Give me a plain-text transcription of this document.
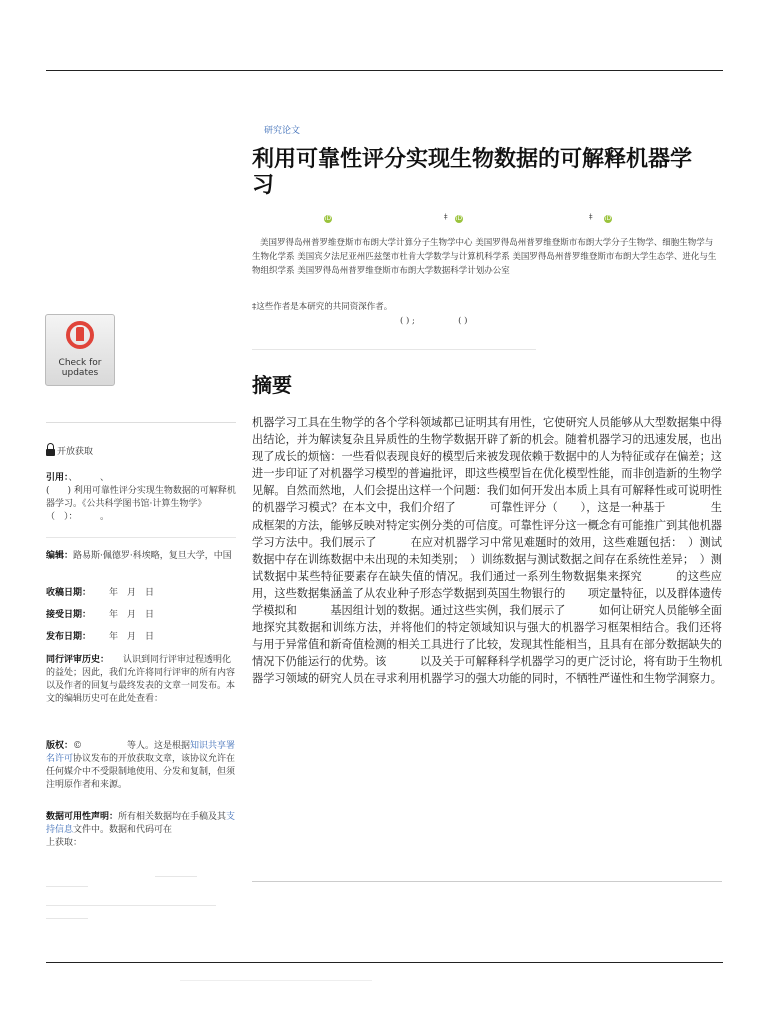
研究论文
利用可靠性评分实现生物数据的可解释机器学习
iD	‡ iD	‡ iD
美国罗得岛州普罗维登斯市布朗大学计算分子生物学中心 美国罗得岛州普罗维登斯市布朗大学分子生物学、细胞生物学与生物化学系 美国宾夕法尼亚州匹兹堡市杜肯大学数学与计算机科学系 美国罗得岛州普罗维登斯市布朗大学生态学、进化与生物组织学系 美国罗得岛州普罗维登斯市布朗大学数据科学计划办公室
‡这些作者是本研究的共同资深作者。
( ) ;                ( )
摘要
机器学习工具在生物学的各个学科领域都已证明其有用性，它使研究人员能够从大型数据集中得出结论，并为解读复杂且异质性的生物学数据开辟了新的机会。随着机器学习的迅速发展，也出现了成长的烦恼：一些看似表现良好的模型后来被发现依赖于数据中的人为特征或存在偏差；这进一步印证了对机器学习模型的普遍批评，即这些模型旨在优化模型性能，而非创造新的生物学见解。自然而然地，人们会提出这样一个问题：我们如何开发出本质上具有可解释性或可说明性的机器学习模式？在本文中，我们介绍了　　　可靠性评分（　　），这是一种基于　　　　生成框架的方法，能够反映对特定实例分类的可信度。可靠性评分这一概念有可能推广到其他机器学习方法中。我们展示了　　　在应对机器学习中常见难题时的效用，这些难题包括：　）测试数据中存在训练数据中未出现的未知类别；　）训练数据与测试数据之间存在系统性差异；　）测试数据中某些特征要素存在缺失值的情况。我们通过一系列生物数据集来探究　　　的这些应用，这些数据集涵盖了从农业种子形态学数据到英国生物银行的　　项定量特征，以及群体遗传学模拟和　　　基因组计划的数据。通过这些实例，我们展示了　　　如何让研究人员能够全面地探究其数据和训练方法，并将他们的特定领域知识与强大的机器学习框架相结合。我们还将　　　与用于异常值和新奇值检测的相关工具进行了比较，发现其性能相当，且具有在部分数据缺失的情况下仍能运行的优势。该　　　以及关于可解释科学机器学习的更广泛讨论，将有助于生物机器学习领域的研究人员在寻求利用机器学习的强大功能的同时，不牺牲严谨性和生物学洞察力。
Check for
updates
开放获取
引用：、　　　、
(　　) 利用可靠性评分实现生物数据的可解释机器学习。《公共科学图书馆·计算生物学》（　）：　　　。
编辑：路易斯·佩德罗·科埃略，复旦大学，中国
收稿日期： 年　月　日
接受日期： 年　月　日
发布日期： 年　月　日
同行评审历史： 认识到同行评审过程透明化的益处；因此，我们允许将同行评审的所有内容以及作者的回复与最终发表的文章一同发布。本文的编辑历史可在此处查看：
版权：©　　　　　等人。这是根据知识共享署名许可协议发布的开放获取文章，该协议允许在任何媒介中不受限制地使用、分发和复制，但须注明原作者和来源。
数据可用性声明：所有相关数据均在手稿及其支持信息文件中。数据和代码可在
上获取：
